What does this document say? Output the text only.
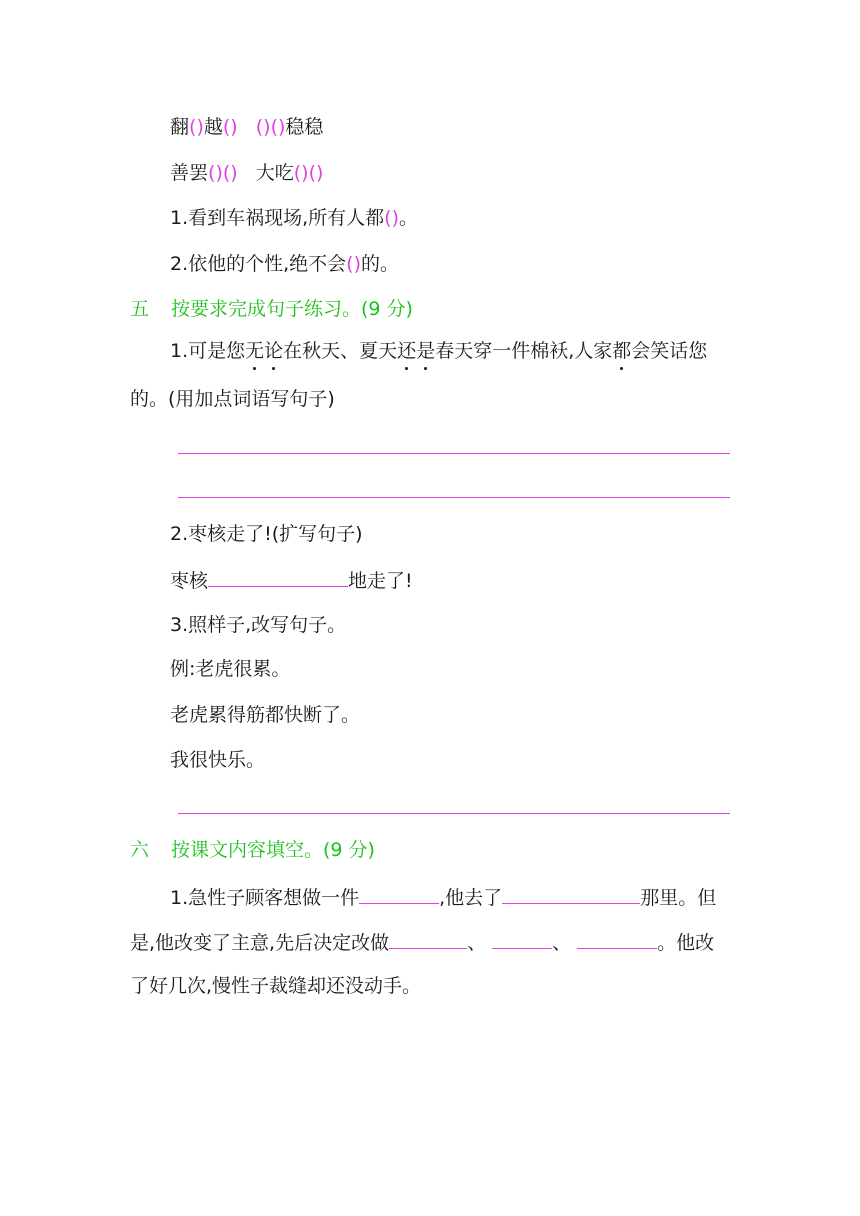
翻()越() ()()稳稳
善罢()() 大吃()()
1.看到车祸现场,所有人都()。
2.依他的个性,绝不会()的。
五 按要求完成句子练习。(9 分)
1.可是您无论在秋天、夏天还是春天穿一件棉袄,人家都会笑话您
的。(用加点词语写句子)
2.枣核走了!(扩写句子)
枣核	地走了!
3.照样子,改写句子。
例:老虎很累。
老虎累得筋都快断了。
我很快乐。
六 按课文内容填空。(9 分)
1.急性子顾客想做一件	,他去了	那里。但
是,他改变了主意,先后决定改做	、	、	。他改
了好几次,慢性子裁缝却还没动手。
